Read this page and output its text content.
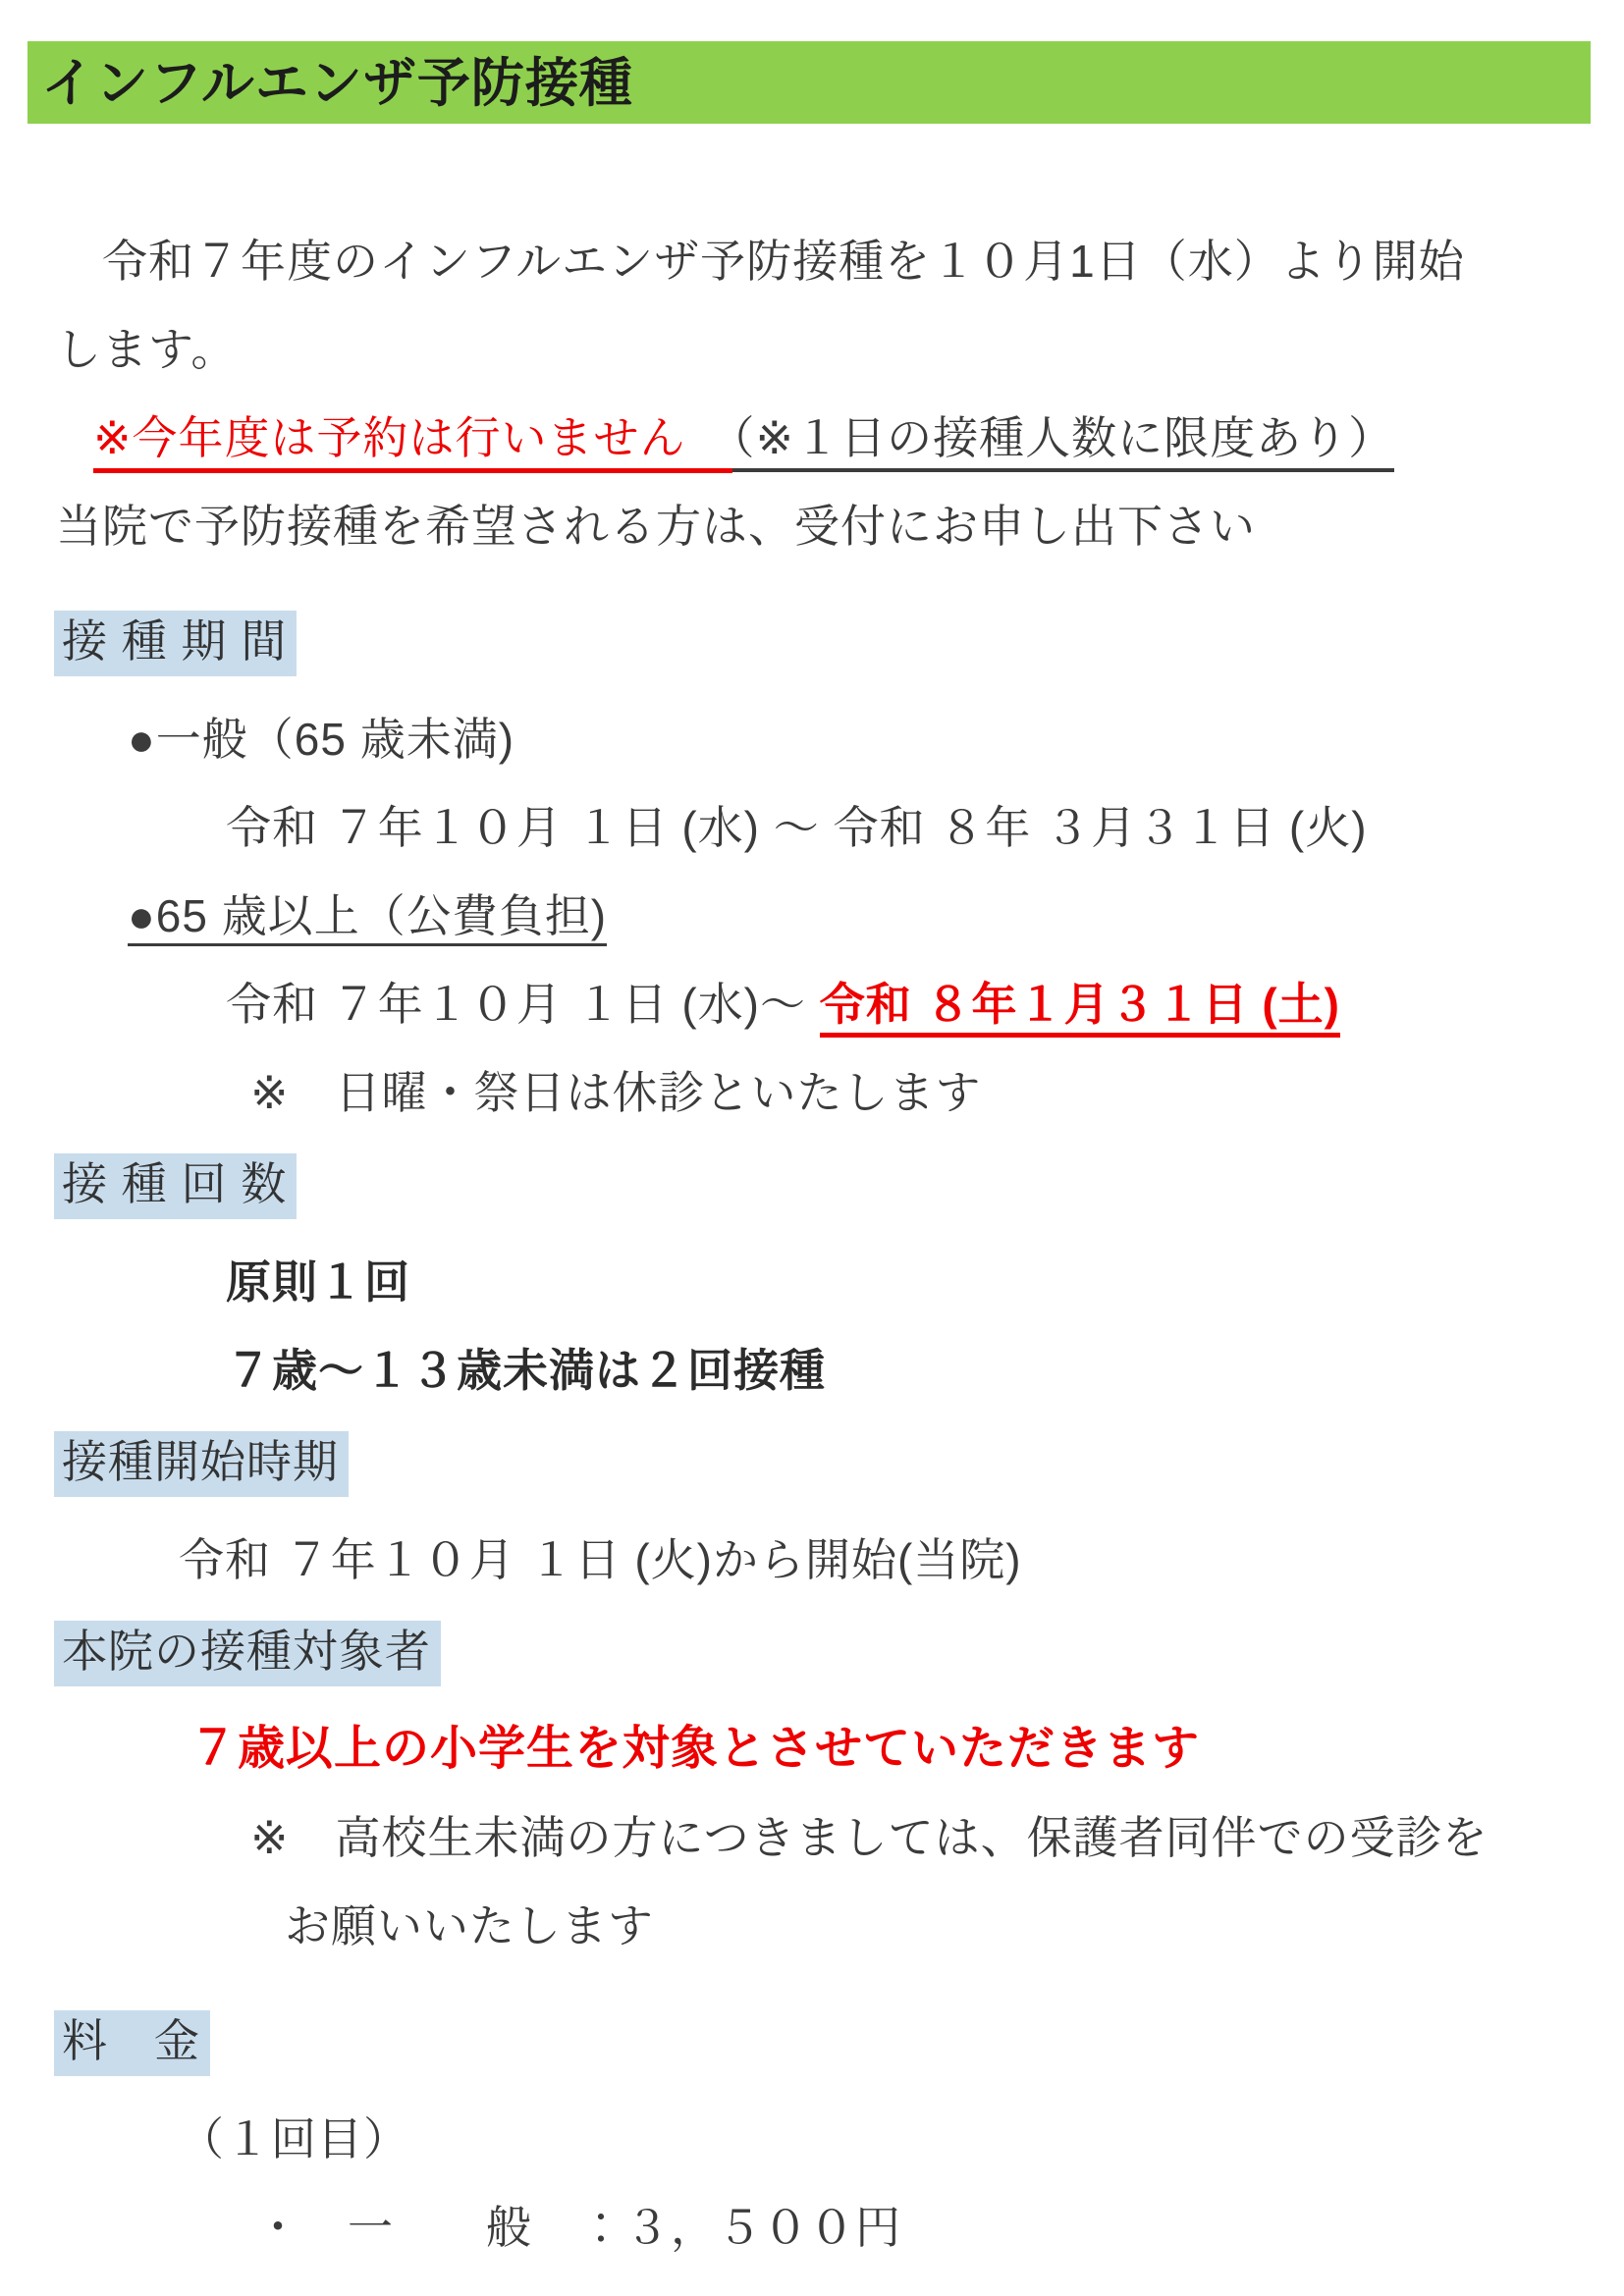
インフルエンザ予防接種

　令和７年度のインフルエンザ予防接種を１０月1日（水）より開始

します。

※今年度は予約は行いません　（※１日の接種人数に限度あり）

当院で予防接種を希望される方は、受付にお申し出下さい

接 種 期 間

●一般（65 歳未満)

令和 ７年１０月 １日 (水) ～ 令和 ８年 ３月３１日 (火)

●65 歳以上（公費負担)

令和 ７年１０月 １日 (水)～ 令和 ８年１月３１日 (土)

※　日曜・祭日は休診といたします

接 種 回 数

原則１回

７歳～１３歳未満は２回接種

接種開始時期

令和 ７年１０月 １日 (火)から開始(当院)

本院の接種対象者

７歳以上の小学生を対象とさせていただきます

※　高校生未満の方につきましては、保護者同伴での受診を

お願いいたします

料　金

（１回目）

・　一　　般　：３，５００円
